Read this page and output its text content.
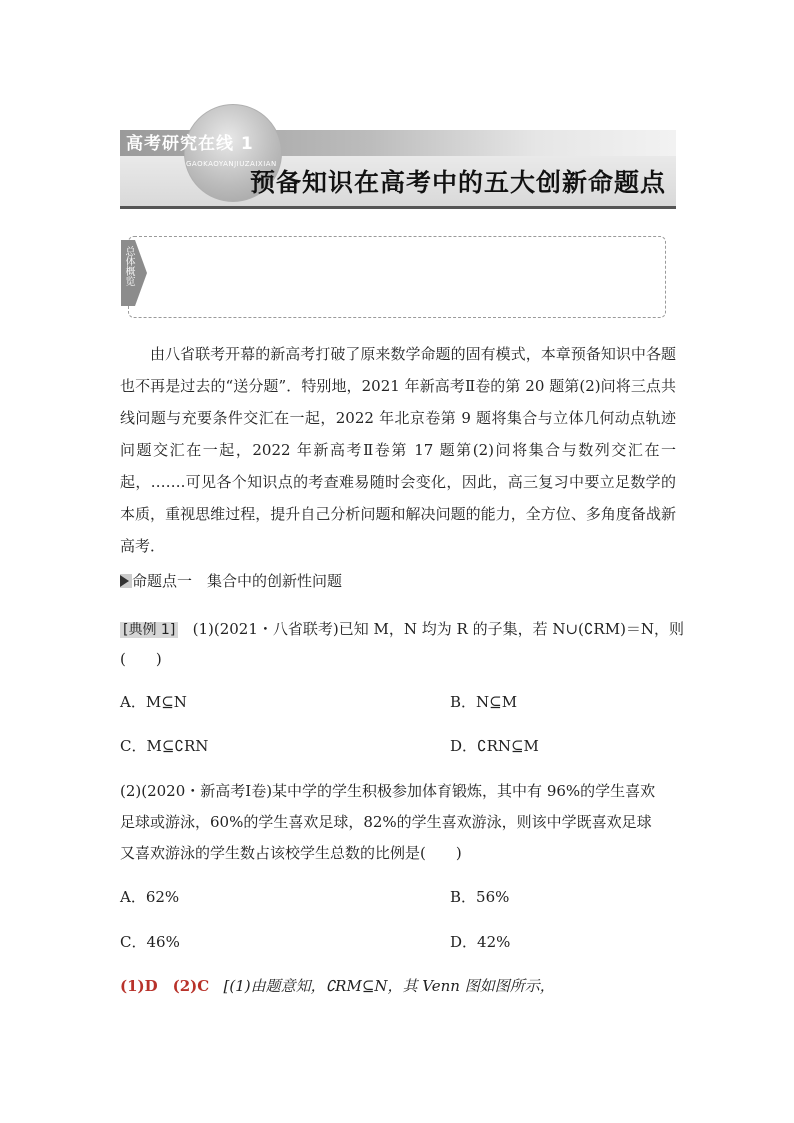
高考研究在线 1
GAOKAOYANJIUZAIXIAN
预备知识在高考中的五大创新命题点
总体概览
由八省联考开幕的新高考打破了原来数学命题的固有模式，本章预备知识中各题也不再是过去的“送分题”．特别地，2021 年新高考Ⅱ卷的第 20 题第(2)问将三点共线问题与充要条件交汇在一起，2022 年北京卷第 9 题将集合与立体几何动点轨迹问题交汇在一起，2022 年新高考Ⅱ卷第 17 题第(2)问将集合与数列交汇在一起，…….可见各个知识点的考查难易随时会变化，因此，高三复习中要立足数学的本质，重视思维过程，提升自己分析问题和解决问题的能力，全方位、多角度备战新高考．
命题点一　集合中的创新性问题
[典例 1] (1)(2021・八省联考)已知 M，N 均为 R 的子集，若 N∪(∁RM)＝N，则
(　　)
A．M⊆N	B．N⊆M
C．M⊆∁RN	D．∁RN⊆M
(2)(2020・新高考Ⅰ卷)某中学的学生积极参加体育锻炼，其中有 96%的学生喜欢
足球或游泳，60%的学生喜欢足球，82%的学生喜欢游泳，则该中学既喜欢足球
又喜欢游泳的学生数占该校学生总数的比例是(　　)
A．62%	B．56%
C．46%	D．42%
(1)D　(2)C [(1)由题意知，∁RM⊆N，其 Venn 图如图所示，
